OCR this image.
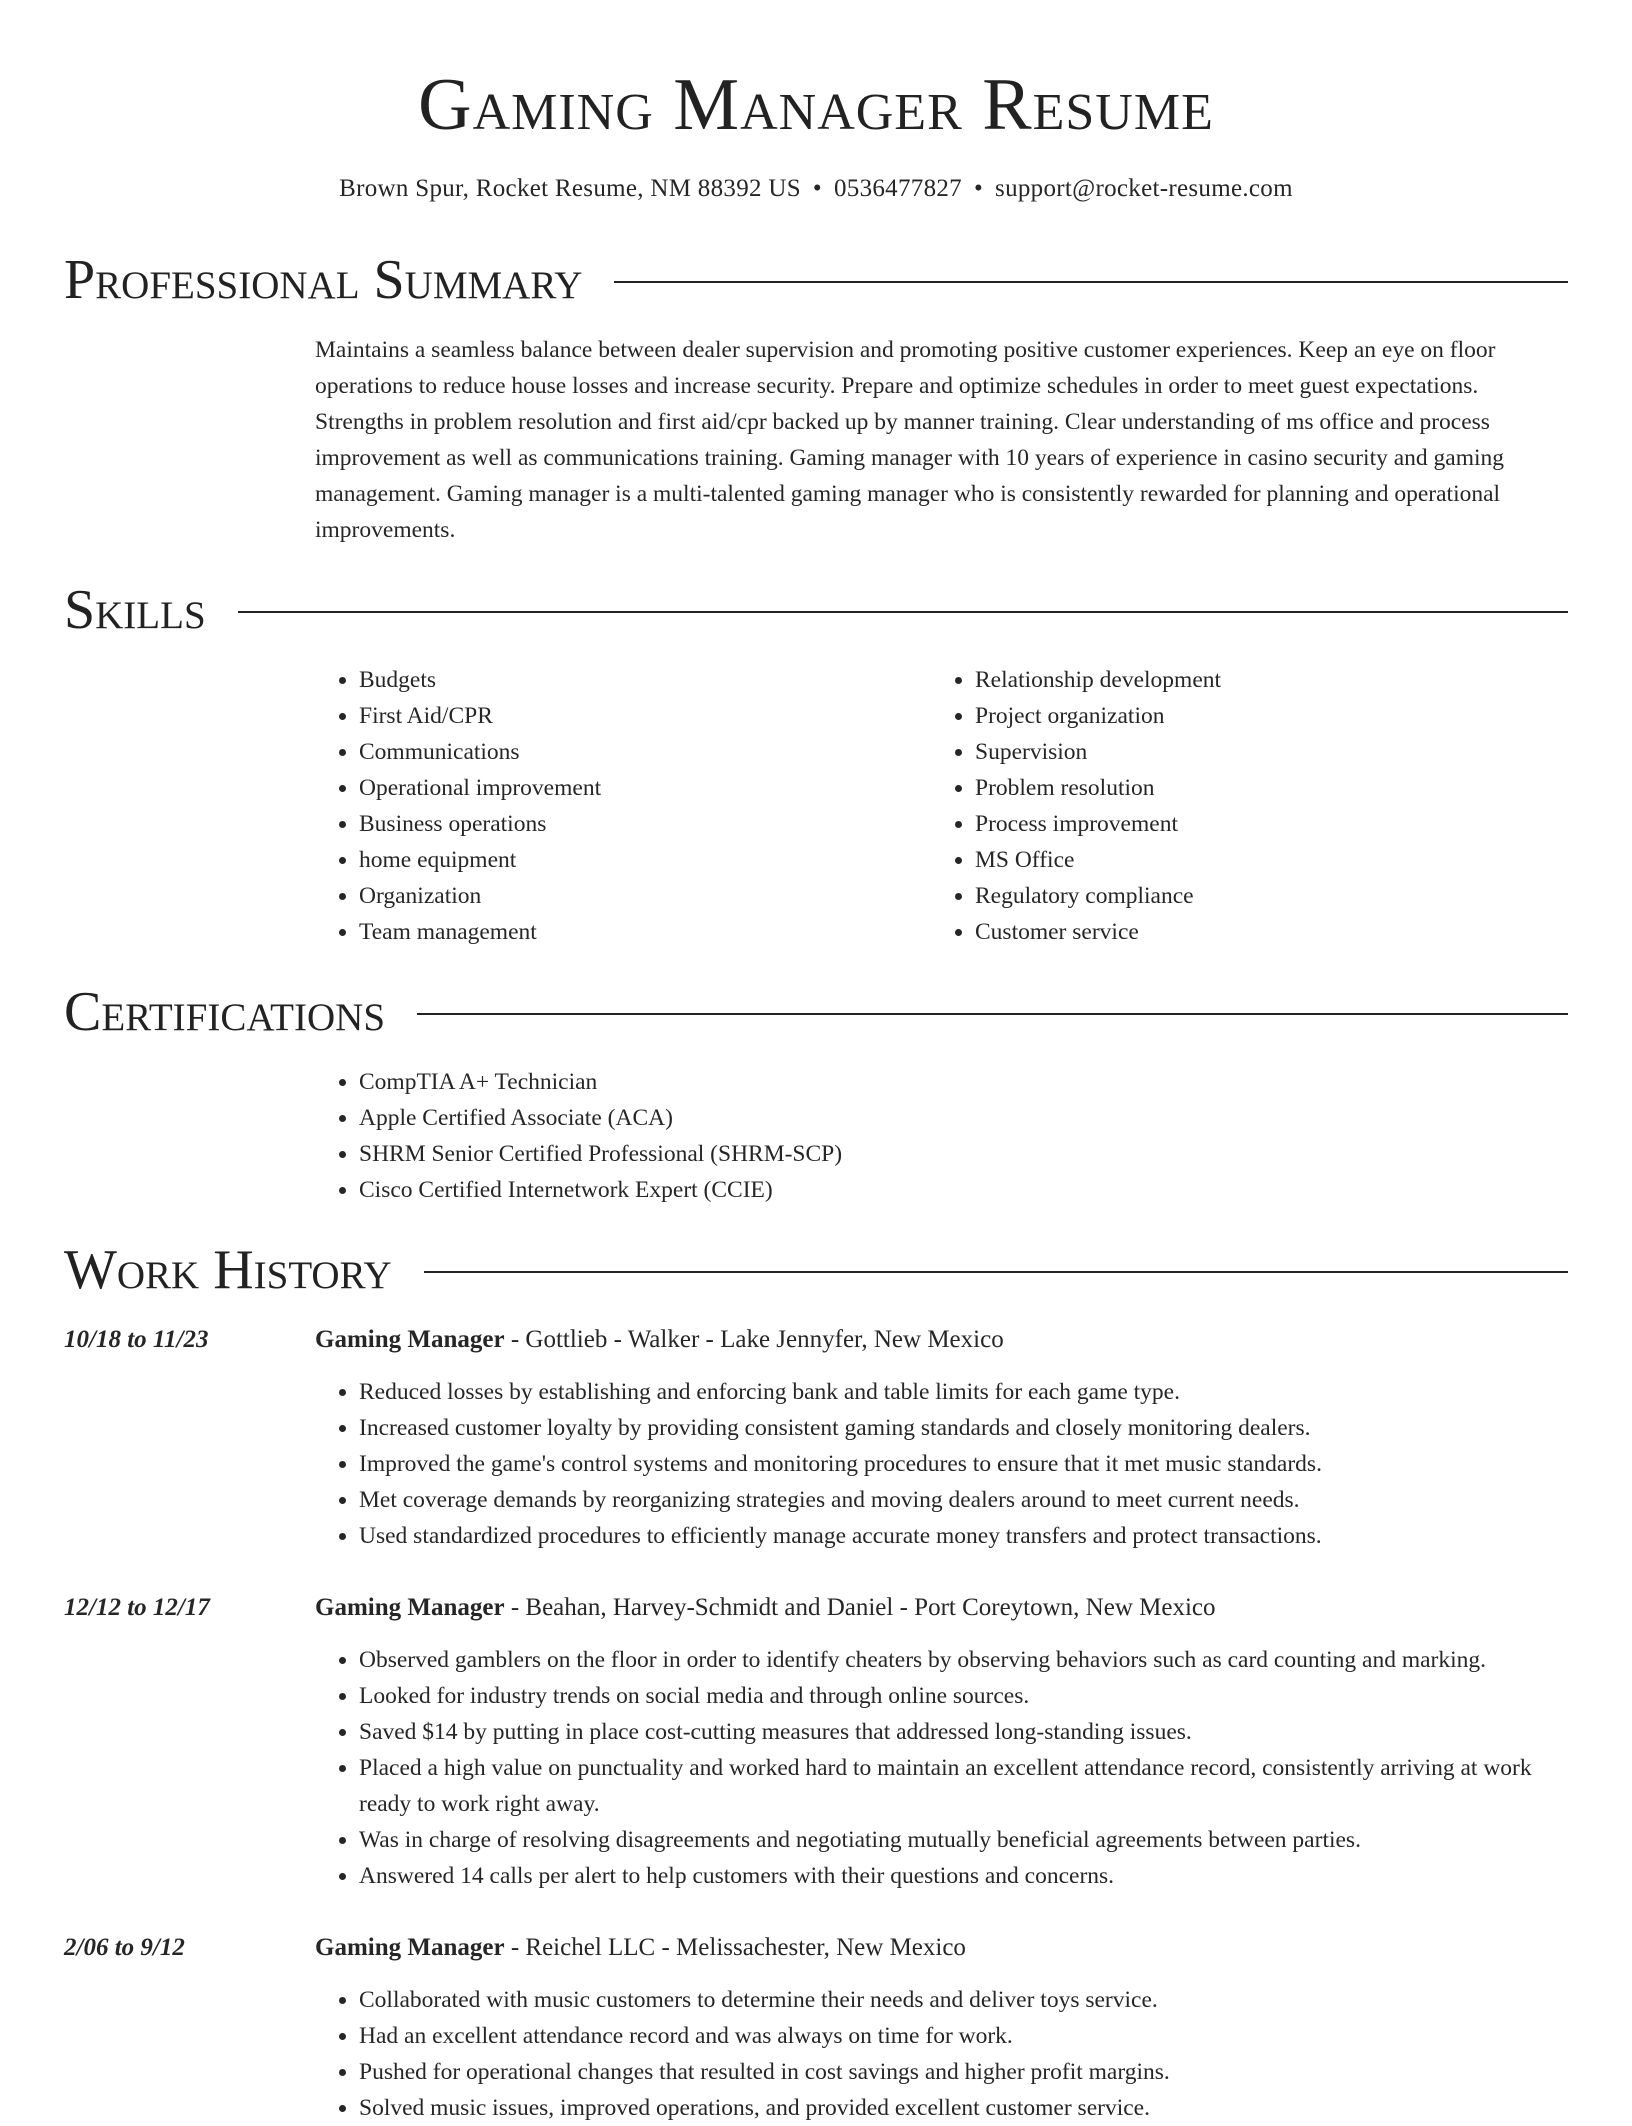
Gaming Manager Resume
Brown Spur, Rocket Resume, NM 88392 US • 0536477827 • support@rocket-resume.com
Professional Summary
Maintains a seamless balance between dealer supervision and promoting positive customer experiences. Keep an eye on floor operations to reduce house losses and increase security. Prepare and optimize schedules in order to meet guest expectations. Strengths in problem resolution and first aid/cpr backed up by manner training. Clear understanding of ms office and process improvement as well as communications training. Gaming manager with 10 years of experience in casino security and gaming management. Gaming manager is a multi-talented gaming manager who is consistently rewarded for planning and operational improvements.
Skills
• Budgets
• First Aid/CPR
• Communications
• Operational improvement
• Business operations
• home equipment
• Organization
• Team management
• Relationship development
• Project organization
• Supervision
• Problem resolution
• Process improvement
• MS Office
• Regulatory compliance
• Customer service
Certifications
• CompTIA A+ Technician
• Apple Certified Associate (ACA)
• SHRM Senior Certified Professional (SHRM-SCP)
• Cisco Certified Internetwork Expert (CCIE)
Work History
10/18 to 11/23	Gaming Manager - Gottlieb - Walker - Lake Jennyfer, New Mexico
• Reduced losses by establishing and enforcing bank and table limits for each game type.
• Increased customer loyalty by providing consistent gaming standards and closely monitoring dealers.
• Improved the game's control systems and monitoring procedures to ensure that it met music standards.
• Met coverage demands by reorganizing strategies and moving dealers around to meet current needs.
• Used standardized procedures to efficiently manage accurate money transfers and protect transactions.
12/12 to 12/17	Gaming Manager - Beahan, Harvey-Schmidt and Daniel - Port Coreytown, New Mexico
• Observed gamblers on the floor in order to identify cheaters by observing behaviors such as card counting and marking.
• Looked for industry trends on social media and through online sources.
• Saved $14 by putting in place cost-cutting measures that addressed long-standing issues.
• Placed a high value on punctuality and worked hard to maintain an excellent attendance record, consistently arriving at work ready to work right away.
• Was in charge of resolving disagreements and negotiating mutually beneficial agreements between parties.
• Answered 14 calls per alert to help customers with their questions and concerns.
2/06 to 9/12	Gaming Manager - Reichel LLC - Melissachester, New Mexico
• Collaborated with music customers to determine their needs and deliver toys service.
• Had an excellent attendance record and was always on time for work.
• Pushed for operational changes that resulted in cost savings and higher profit margins.
• Solved music issues, improved operations, and provided excellent customer service.
